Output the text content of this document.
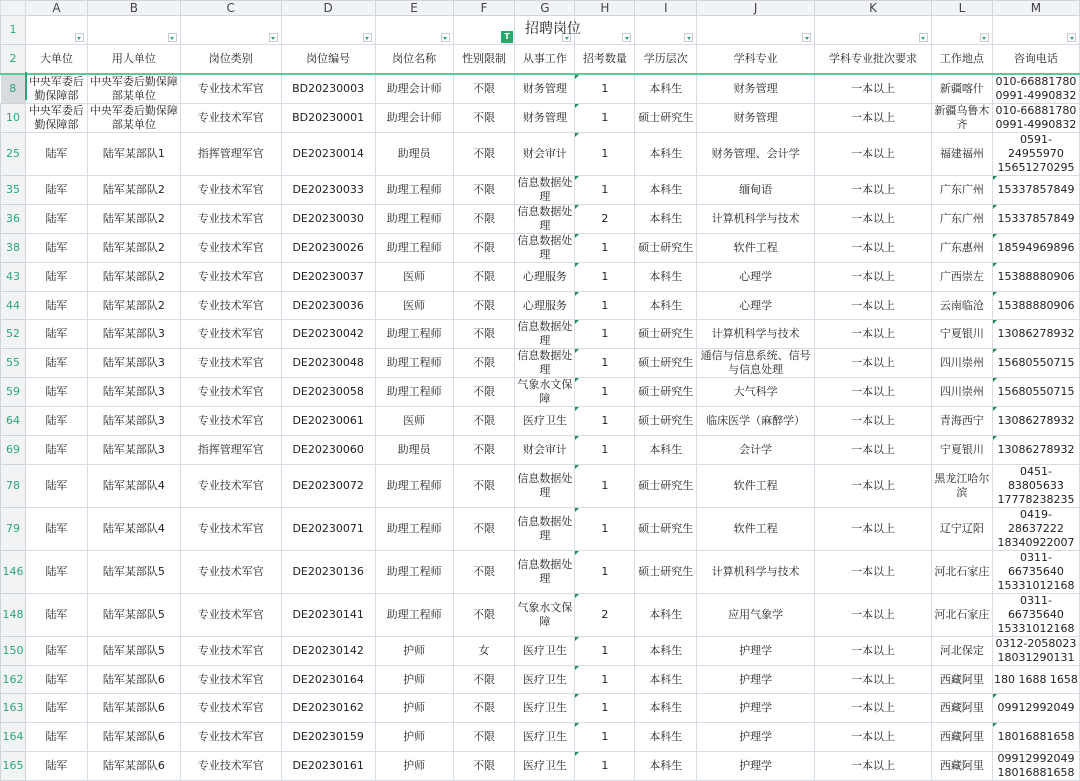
招聘岗位
T
	A	B	C	D	E	F	G	H	I	J	K	L	M
1	

2	大单位	用人单位	岗位类别	岗位编号	岗位名称	性别限制	从事工作	招考数量	学历层次	学科专业	学科专业批次要求	工作地点	咨询电话
8	中央军委后勤保障部	中央军委后勤保障部某单位	专业技术军官	BD20230003	助理会计师	不限	财务管理	1	本科生	财务管理	一本以上	新疆喀什	010-66881780 0991-4990832
10	中央军委后勤保障部	中央军委后勤保障部某单位	专业技术军官	BD20230001	助理会计师	不限	财务管理	1	硕士研究生	财务管理	一本以上	新疆乌鲁木齐	010-66881780 0991-4990832
25	陆军	陆军某部队1	指挥管理军官	DE20230014	助理员	不限	财会审计	1	本科生	财务管理、会计学	一本以上	福建福州	0591-24955970 15651270295
35	陆军	陆军某部队2	专业技术军官	DE20230033	助理工程师	不限	信息数据处理	1	本科生	缅甸语	一本以上	广东广州	15337857849
36	陆军	陆军某部队2	专业技术军官	DE20230030	助理工程师	不限	信息数据处理	2	本科生	计算机科学与技术	一本以上	广东广州	15337857849
38	陆军	陆军某部队2	专业技术军官	DE20230026	助理工程师	不限	信息数据处理	1	硕士研究生	软件工程	一本以上	广东惠州	18594969896
43	陆军	陆军某部队2	专业技术军官	DE20230037	医师	不限	心理服务	1	本科生	心理学	一本以上	广西崇左	15388880906
44	陆军	陆军某部队2	专业技术军官	DE20230036	医师	不限	心理服务	1	本科生	心理学	一本以上	云南临沧	15388880906
52	陆军	陆军某部队3	专业技术军官	DE20230042	助理工程师	不限	信息数据处理	1	硕士研究生	计算机科学与技术	一本以上	宁夏银川	13086278932
55	陆军	陆军某部队3	专业技术军官	DE20230048	助理工程师	不限	信息数据处理	1	硕士研究生	通信与信息系统、信号与信息处理	一本以上	四川崇州	15680550715
59	陆军	陆军某部队3	专业技术军官	DE20230058	助理工程师	不限	气象水文保障	1	硕士研究生	大气科学	一本以上	四川崇州	15680550715
64	陆军	陆军某部队3	专业技术军官	DE20230061	医师	不限	医疗卫生	1	硕士研究生	临床医学（麻醉学）	一本以上	青海西宁	13086278932
69	陆军	陆军某部队3	指挥管理军官	DE20230060	助理员	不限	财会审计	1	本科生	会计学	一本以上	宁夏银川	13086278932
78	陆军	陆军某部队4	专业技术军官	DE20230072	助理工程师	不限	信息数据处理	1	硕士研究生	软件工程	一本以上	黑龙江哈尔滨	0451-83805633 17778238235
79	陆军	陆军某部队4	专业技术军官	DE20230071	助理工程师	不限	信息数据处理	1	硕士研究生	软件工程	一本以上	辽宁辽阳	0419-28637222 18340922007
146	陆军	陆军某部队5	专业技术军官	DE20230136	助理工程师	不限	信息数据处理	1	硕士研究生	计算机科学与技术	一本以上	河北石家庄	0311-66735640 15331012168
148	陆军	陆军某部队5	专业技术军官	DE20230141	助理工程师	不限	气象水文保障	2	本科生	应用气象学	一本以上	河北石家庄	0311-66735640 15331012168
150	陆军	陆军某部队5	专业技术军官	DE20230142	护师	女	医疗卫生	1	本科生	护理学	一本以上	河北保定	0312-2058023 18031290131
162	陆军	陆军某部队6	专业技术军官	DE20230164	护师	不限	医疗卫生	1	本科生	护理学	一本以上	西藏阿里	180 1688 1658
163	陆军	陆军某部队6	专业技术军官	DE20230162	护师	不限	医疗卫生	1	本科生	护理学	一本以上	西藏阿里	09912992049
164	陆军	陆军某部队6	专业技术军官	DE20230159	护师	不限	医疗卫生	1	本科生	护理学	一本以上	西藏阿里	18016881658
165	陆军	陆军某部队6	专业技术军官	DE20230161	护师	不限	医疗卫生	1	本科生	护理学	一本以上	西藏阿里	09912992049 18016881658
